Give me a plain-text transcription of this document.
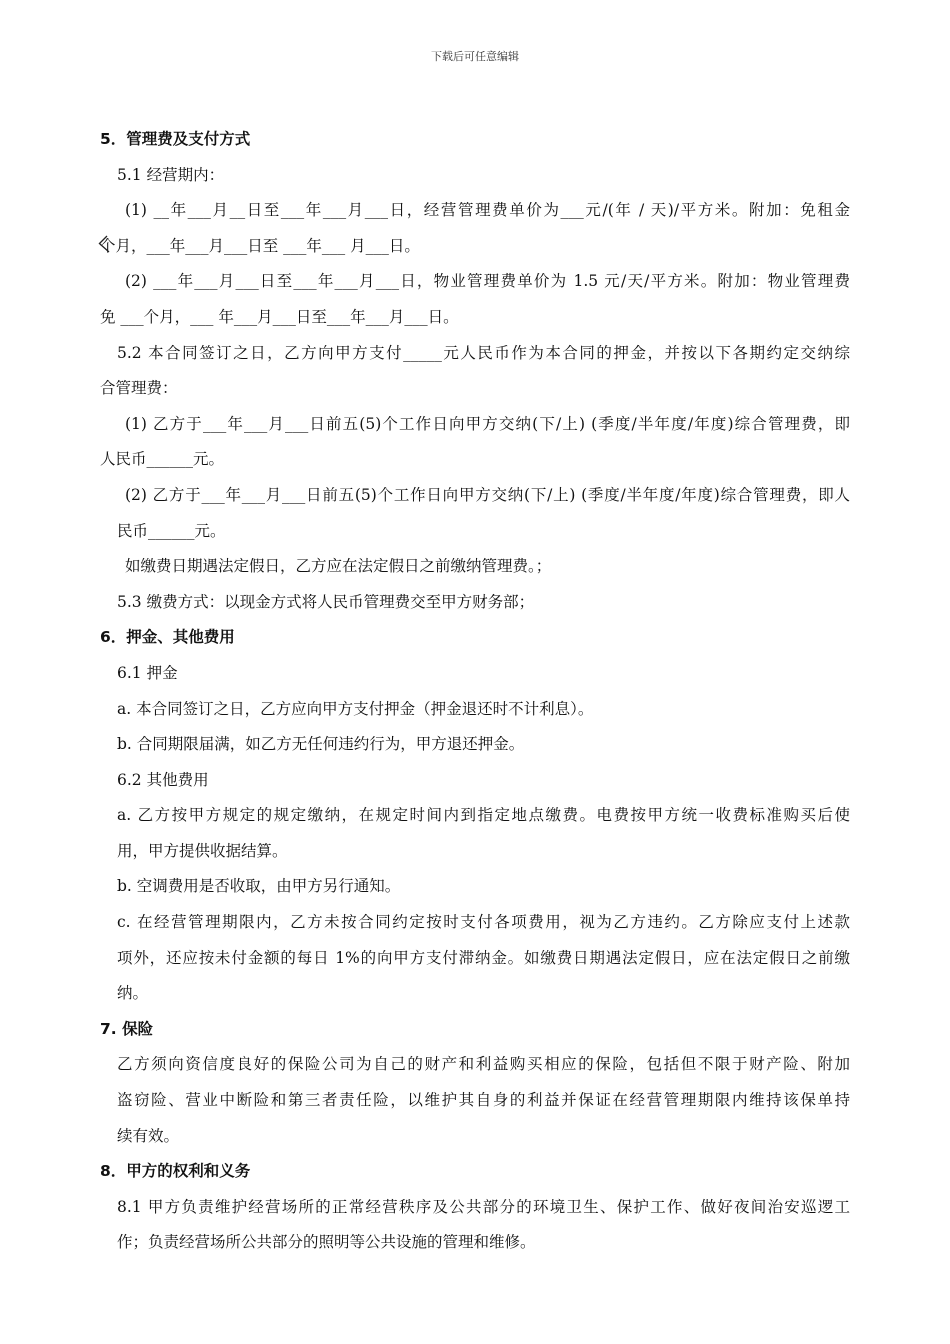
下载后可任意编辑
5．管理费及支付方式
5.1 经营期内：
(1) __年___月__日至___年___月___日，经营管理费单价为___元/(年 / 天)/平方米。附加：免租金
个月，___年___月___日至 ___年___ 月___日。
(2) ___年___月___日至___年___月___日，物业管理费单价为 1.5 元/天/平方米。附加：物业管理费
免 ___个月，___ 年___月___日至___年___月___日。
5.2 本合同签订之日，乙方向甲方支付_____元人民币作为本合同的押金，并按以下各期约定交纳综
合管理费：
(1) 乙方于___年___月___日前五(5)个工作日向甲方交纳(下/上) (季度/半年度/年度)综合管理费，即
人民币______元。
(2) 乙方于___年___月___日前五(5)个工作日向甲方交纳(下/上) (季度/半年度/年度)综合管理费，即人
民币______元。
如缴费日期遇法定假日，乙方应在法定假日之前缴纳管理费。；
5.3 缴费方式：以现金方式将人民币管理费交至甲方财务部；
6．押金、其他费用
6.1 押金
a. 本合同签订之日，乙方应向甲方支付押金（押金退还时不计利息）。
b. 合同期限届满，如乙方无任何违约行为，甲方退还押金。
6.2 其他费用
a. 乙方按甲方规定的规定缴纳，在规定时间内到指定地点缴费。电费按甲方统一收费标准购买后使
用，甲方提供收据结算。
b. 空调费用是否收取，由甲方另行通知。
c. 在经营管理期限内，乙方未按合同约定按时支付各项费用，视为乙方违约。乙方除应支付上述款
项外，还应按未付金额的每日 1%的向甲方支付滞纳金。如缴费日期遇法定假日，应在法定假日之前缴
纳。
7. 保险
乙方须向资信度良好的保险公司为自己的财产和利益购买相应的保险，包括但不限于财产险、附加
盗窃险、营业中断险和第三者责任险，以维护其自身的利益并保证在经营管理期限内维持该保单持
续有效。
8．甲方的权利和义务
8.1 甲方负责维护经营场所的正常经营秩序及公共部分的环境卫生、保护工作、做好夜间治安巡逻工
作；负责经营场所公共部分的照明等公共设施的管理和维修。
